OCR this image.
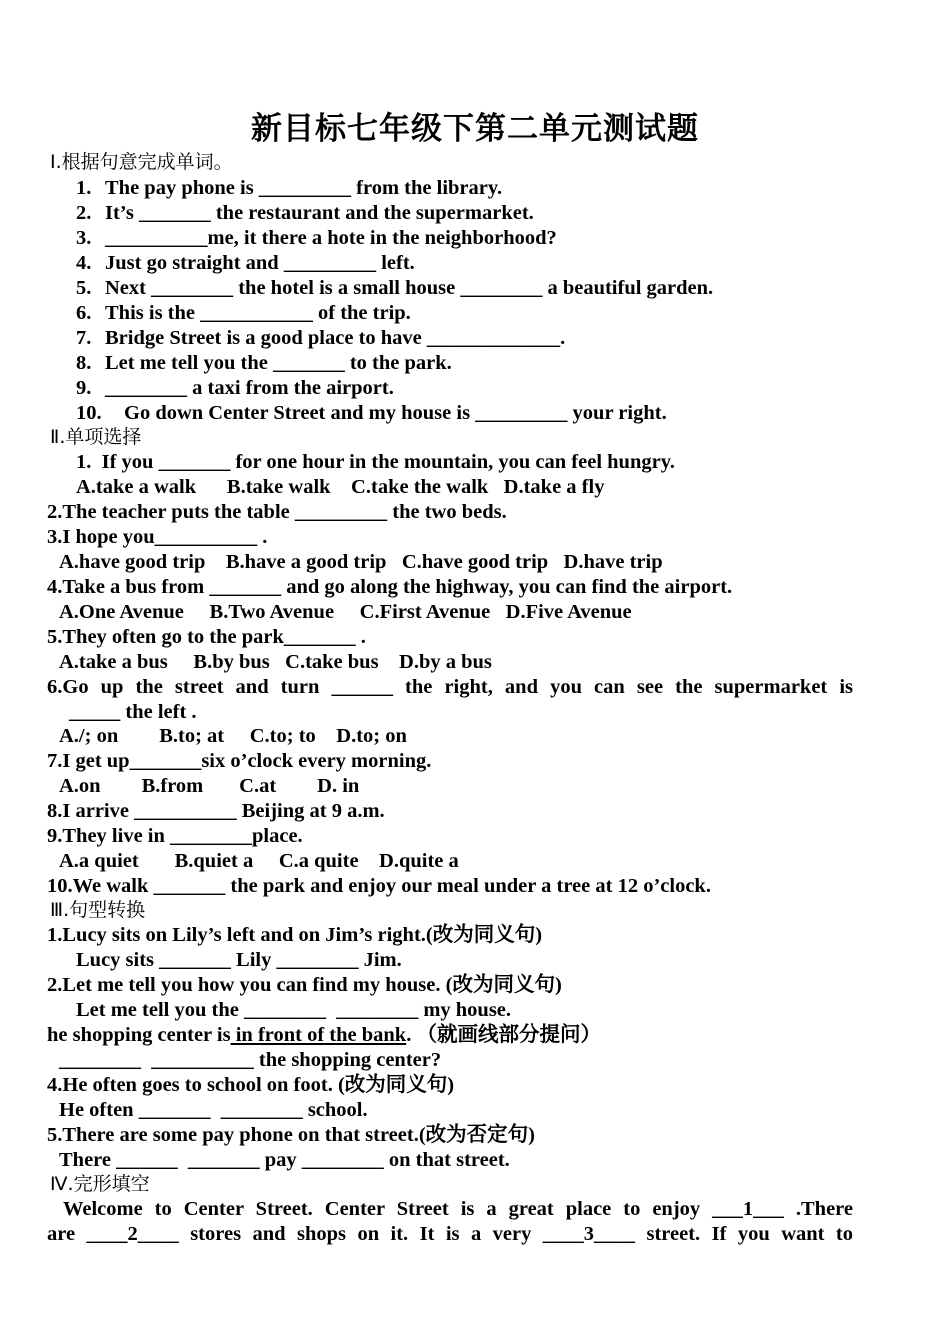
新目标七年级下第二单元测试题
Ⅰ.根据句意完成单词。
1. The pay phone is _________ from the library.
2. It’s _______ the restaurant and the supermarket.
3. __________me, it there a hote in the neighborhood?
4. Just go straight and _________ left.
5. Next ________ the hotel is a small house ________ a beautiful garden.
6. This is the ___________ of the trip.
7. Bridge Street is a good place to have _____________.
8. Let me tell you the _______ to the park.
9. ________ a taxi from the airport.
10. Go down Center Street and my house is _________ your right.
Ⅱ.单项选择
1.  If you _______ for one hour in the mountain, you can feel hungry.
A.take a walk      B.take walk    C.take the walk   D.take a fly
2.The teacher puts the table _________ the two beds.
3.I hope you__________ .
A.have good trip    B.have a good trip   C.have good trip   D.have trip
4.Take a bus from _______ and go along the highway, you can find the airport.
A.One Avenue     B.Two Avenue     C.First Avenue   D.Five Avenue
5.They often go to the park_______ .
A.take a bus     B.by bus   C.take bus    D.by a bus
6.Go up the street and turn ______ the right, and you can see the supermarket is
_____ the left .
A./; on        B.to; at     C.to; to    D.to; on
7.I get up_______six o’clock every morning.
A.on        B.from       C.at        D. in
8.I arrive __________ Beijing at 9 a.m.
9.They live in ________place.
A.a quiet       B.quiet a     C.a quite    D.quite a
10.We walk _______ the park and enjoy our meal under a tree at 12 o’clock.
Ⅲ.句型转换
1.Lucy sits on Lily’s left and on Jim’s right.(改为同义句)
Lucy sits _______ Lily ________ Jim.
2.Let me tell you how you can find my house. (改为同义句)
Let me tell you the ________  ________ my house.
he shopping center is in front of the bank. （就画线部分提问）
________  __________ the shopping center?
4.He often goes to school on foot. (改为同义句)
He often _______  ________ school.
5.There are some pay phone on that street.(改为否定句)
There ______  _______ pay ________ on that street.
Ⅳ.完形填空
Welcome to Center Street. Center Street is a great place to enjoy ___1___ .There
are ____2____ stores and shops on it. It is a very ____3____ street. If you want to
